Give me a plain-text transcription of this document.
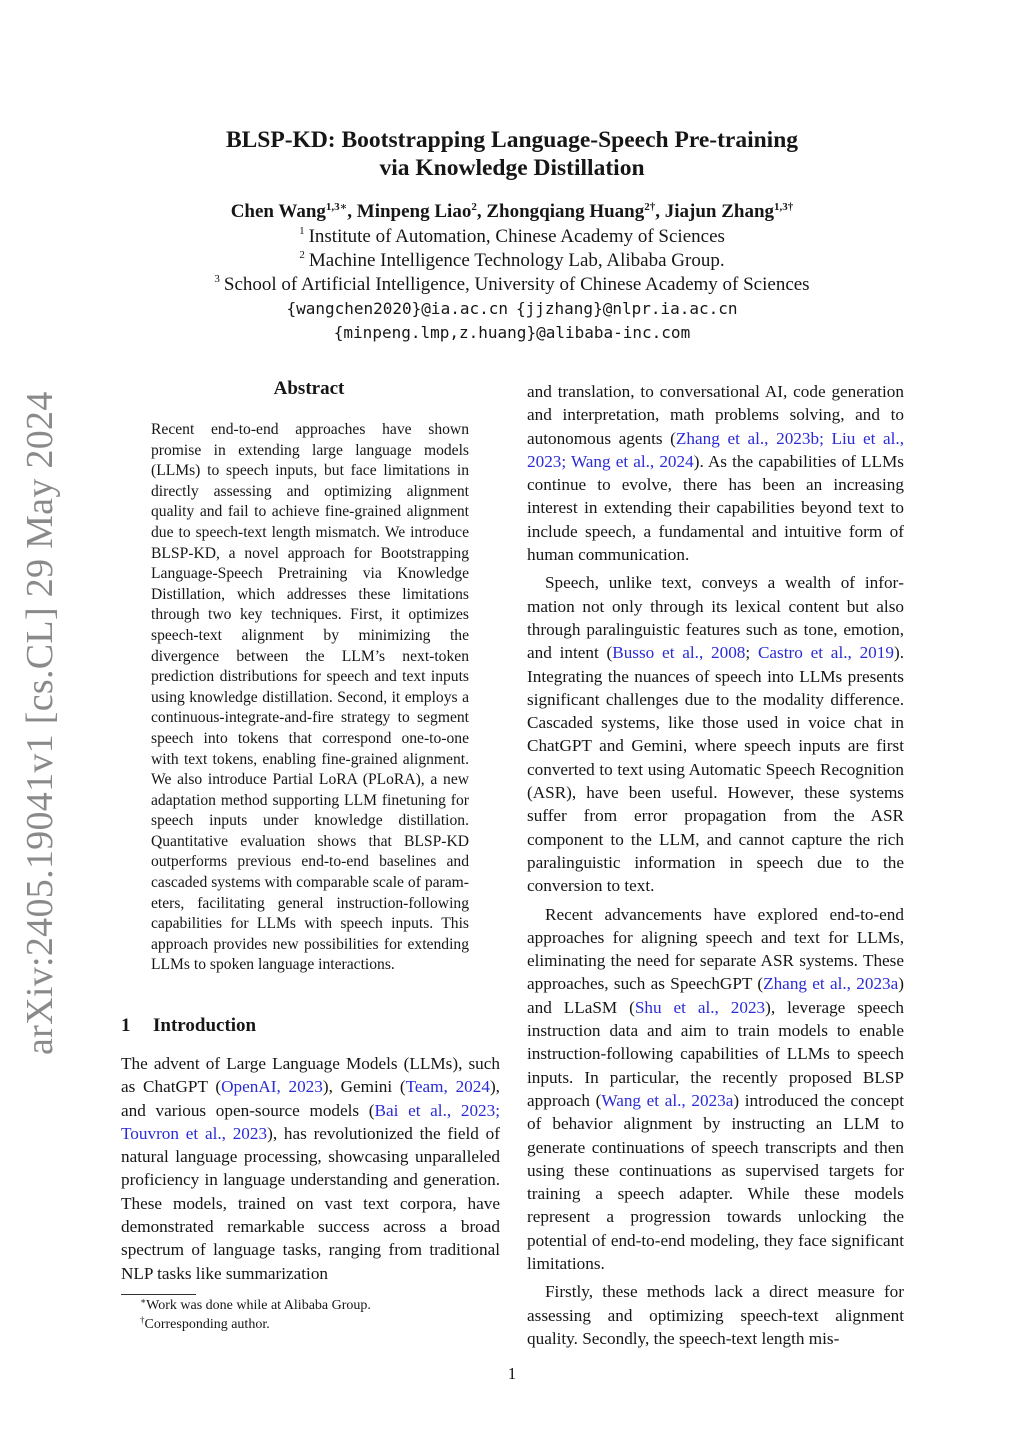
arXiv:2405.19041v1 [cs.CL] 29 May 2024
BLSP-KD: Bootstrapping Language-Speech Pre-training
via Knowledge Distillation
Chen Wang$^{1,3∗}$, Minpeng Liao$^2$, Zhongqiang Huang$^{2\dagger}$, Jiajun Zhang$^{1,3\dagger}$
$^1$ Institute of Automation, Chinese Academy of Sciences
$^2$ Machine Intelligence Technology Lab, Alibaba Group.
$^3$ School of Artificial Intelligence, University of Chinese Academy of Sciences
{wangchen2020}@ia.ac.cn {jjzhang}@nlpr.ia.ac.cn
{minpeng.lmp,z.huang}@alibaba-inc.com
Abstract
Recent end-to-end approaches have shown promise in extending large language models (LLMs) to speech inputs, but face limitations in directly assessing and optimizing alignment quality and fail to achieve fine-grained alignment due to speech-text length mismatch. We introduce BLSP-KD, a novel approach for Bootstrapping Language-Speech Pretraining via Knowledge Distillation, which addresses these limitations through two key techniques. First, it optimizes speech-text alignment by minimizing the divergence between the LLM’s next-token prediction distributions for speech and text inputs using knowledge distillation. Second, it employs a continuous-integrate-and-fire strategy to segment speech into tokens that correspond one-to-one with text tokens, enabling fine-grained alignment. We also introduce Partial LoRA (PLoRA), a new adaptation method supporting LLM finetuning for speech inputs under knowledge distillation. Quantitative evaluation shows that BLSP-KD outperforms previous end-to-end baselines and cascaded systems with comparable scale of parameters, facilitating general instruction-following capabilities for LLMs with speech inputs. This approach provides new possibilities for extending LLMs to spoken language interactions.
1 Introduction

The advent of Large Language Models (LLMs), such as ChatGPT (OpenAI, 2023), Gemini (Team, 2024), and various open-source models (Bai et al., 2023; Touvron et al., 2023), has revolutionized the field of natural language processing, showcasing unparalleled proficiency in language understanding and generation. These models, trained on vast text corpora, have demonstrated remarkable success across a broad spectrum of language tasks, ranging from traditional NLP tasks like summarization

and translation, to conversational AI, code generation and interpretation, math problems solving, and to autonomous agents (Zhang et al., 2023b; Liu et al., 2023; Wang et al., 2024). As the capabilities of LLMs continue to evolve, there has been an increasing interest in extending their capabilities beyond text to include speech, a fundamental and intuitive form of human communication.

Speech, unlike text, conveys a wealth of information not only through its lexical content but also through paralinguistic features such as tone, emotion, and intent (Busso et al., 2008; Castro et al., 2019). Integrating the nuances of speech into LLMs presents significant challenges due to the modality difference. Cascaded systems, like those used in voice chat in ChatGPT and Gemini, where speech inputs are first converted to text using Automatic Speech Recognition (ASR), have been useful. However, these systems suffer from error propagation from the ASR component to the LLM, and cannot capture the rich paralinguistic information in speech due to the conversion to text.

Recent advancements have explored end-to-end approaches for aligning speech and text for LLMs, eliminating the need for separate ASR systems. These approaches, such as SpeechGPT (Zhang et al., 2023a) and LLaSM (Shu et al., 2023), leverage speech instruction data and aim to train models to enable instruction-following capabilities of LLMs to speech inputs. In particular, the recently proposed BLSP approach (Wang et al., 2023a) introduced the concept of behavior alignment by instructing an LLM to generate continuations of speech transcripts and then using these continuations as supervised targets for training a speech adapter. While these models represent a progression towards unlocking the potential of end-to-end modeling, they face significant limitations.

Firstly, these methods lack a direct measure for assessing and optimizing speech-text alignment quality. Secondly, the speech-text length mis-

∗Work was done while at Alibaba Group.
†Corresponding author.
1
